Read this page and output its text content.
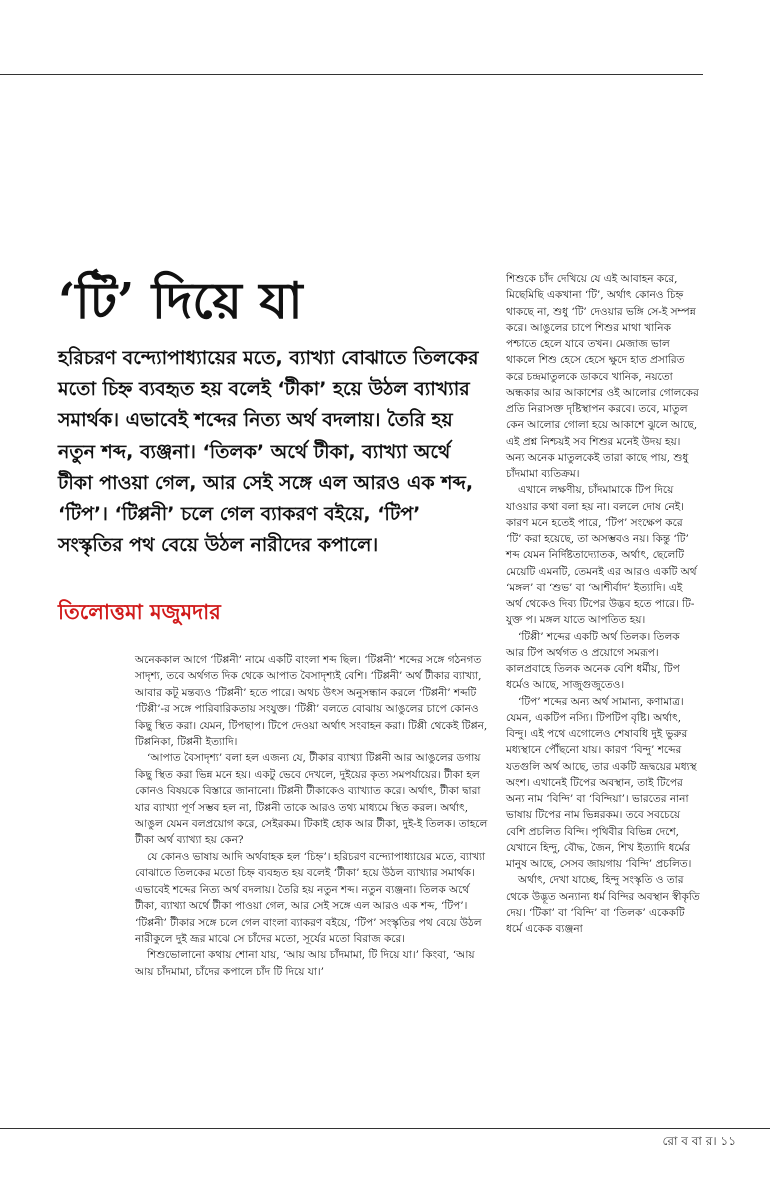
‘টি’ দিয়ে যা

হরিচরণ বন্দ্যোপাধ্যায়ের মতে, ব্যাখ্যা বোঝাতে তিলকের মতো চিহ্ন ব্যবহৃত হয় বলেই ‘টীকা’ হয়ে উঠল ব্যাখ্যার সমার্থক। এভাবেই শব্দের নিত্য অর্থ বদলায়। তৈরি হয় নতুন শব্দ, ব্যঞ্জনা। ‘তিলক’ অর্থে টীকা, ব্যাখ্যা অর্থে টীকা পাওয়া গেল, আর সেই সঙ্গে এল আরও এক শব্দ, ‘টিপ’। ‘টিপ্পনী’ চলে গেল ব্যাকরণ বইয়ে, ‘টিপ’ সংস্কৃতির পথ বেয়ে উঠল নারীদের কপালে।

তিলোত্তমা মজুমদার

অনেককাল আগে ‘টিপ্পনী’ নামে একটি বাংলা শব্দ ছিল। ‘টিপ্পনী’ শব্দের সঙ্গে গঠনগত সাদৃশ্য, তবে অর্থগত দিক থেকে আপাত বৈসাদৃশ্যই বেশি। ‘টিপ্পনী’ অর্থ টীকার ব্যাখ্যা, আবার কটূ মন্তব্যও ‘টিপ্পনী’ হতে পারে। অথচ উৎস অনুসন্ধান করলে ‘টিপ্পনী’ শব্দটি ‘টিপ্পী’-র সঙ্গে পারিবারিকতায় সংযুক্ত। ‘টিপ্পী’ বলতে বোঝায় আঙুলের চাপে কোনও কিছু স্থিত করা। যেমন, টিপছাপ। টিপে দেওয়া অর্থাৎ সংবাহন করা। টিপ্পী থেকেই টিপ্পন, টিপ্পনিকা, টিপ্পনী ইত্যাদি।

‘আপাত বৈসাদৃশ্য’ বলা হল এজন্য যে, টীকার ব্যাখ্যা টিপ্পনী আর আঙুলের ডগায় কিছু স্থিত করা ভিন্ন মনে হয়। একটু ভেবে দেখলে, দুইয়ের কৃত্য সমপর্যায়ের। টীকা হল কোনও বিষয়কে বিস্তারে জানানো। টিপ্পনী টীকাকেও ব্যাখ্যাত করে। অর্থাৎ, টীকা দ্বারা যার ব্যাখ্যা পূর্ণ সম্ভব হল না, টিপ্পনী তাকে আরও তথ্য মাধ্যমে স্থিত করল। অর্থাৎ, আঙুল যেমন বলপ্রয়োগ করে, সেইরকম। টিকাই হোক আর টীকা, দুই-ই তিলক। তাহলে টীকা অর্থ ব্যাখ্যা হয় কেন?

যে কোনও ভাষায় আদি অর্থবাহক হল ‘চিহ্ন’। হরিচরণ বন্দ্যোপাধ্যায়ের মতে, ব্যাখ্যা বোঝাতে তিলকের মতো চিহ্ন ব্যবহৃত হয় বলেই ‘টীকা’ হয়ে উঠল ব্যাখ্যার সমার্থক। এভাবেই শব্দের নিত্য অর্থ বদলায়। তৈরি হয় নতুন শব্দ। নতুন ব্যঞ্জনা। তিলক অর্থে টীকা, ব্যাখ্যা অর্থে টীকা পাওয়া গেল, আর সেই সঙ্গে এল আরও এক শব্দ, ‘টিপ’। ‘টিপ্পনী’ টীকার সঙ্গে চলে গেল বাংলা ব্যাকরণ বইয়ে, ‘টিপ’ সংস্কৃতির পথ বেয়ে উঠল নারীকুলে দুই ভ্রূর মাঝে সে চাঁদের মতো, সূর্যের মতো বিরাজ করে।

শিশুভোলানো কথায় শোনা যায়, ‘আয় আয় চাঁদমামা, টি দিয়ে যা।’ কিংবা, ‘আয় আয় চাঁদমামা, চাঁদের কপালে চাঁদ টি দিয়ে যা।’

শিশুকে চাঁদ দেখিয়ে যে এই আবাহন করে, মিছেমিছি একখানা ‘টি’, অর্থাৎ কোনও চিহ্ন থাকছে না, শুধু ‘টি’ দেওয়ার ভঙ্গি সে-ই সম্পন্ন করে। আঙুলের চাপে শিশুর মাথা খানিক পশ্চাতে হেলে যাবে তখন। মেজাজ ভাল থাকলে শিশু হেসে হেসে ক্ষুদে হাত প্রসারিত করে চন্দ্রমাতুলকে ডাকবে খানিক, নয়তো অন্ধকার আর আকাশের ওই আলোর গোলকের প্রতি নিরাসক্ত দৃষ্টিস্থাপন করবে। তবে, মাতুল কেন আলোর গোলা হয়ে আকাশে ঝুলে আছে, এই প্রশ্ন নিশ্চয়ই সব শিশুর মনেই উদয় হয়। অন্য অনেক মাতুলকেই তারা কাছে পায়, শুধু চাঁদমামা ব্যতিক্রম।

এখানে লক্ষণীয়, চাঁদমামাকে টিপ দিয়ে যাওয়ার কথা বলা হয় না। বললে দোষ নেই। কারণ মনে হতেই পারে, ‘টিপ’ সংক্ষেপ করে ‘টি’ করা হয়েছে, তা অসম্ভবও নয়। কিন্তু ‘টি’ শব্দ যেমন নির্দিষ্টতাদ্যোতক, অর্থাৎ, ছেলেটি মেয়েটি এমনটি, তেমনই এর আরও একটি অর্থ ‘মঙ্গল’ বা ‘শুভ’ বা ‘আশীর্বাদ’ ইত্যাদি। এই অর্থ থেকেও দিব্য টিপের উদ্ভব হতে পারে। টি-যুক্ত প। মঙ্গল যাতে আপতিত হয়।

‘টিপ্পী’ শব্দের একটি অর্থ তিলক। তিলক আর টিপ অর্থগত ও প্রয়োগে সমরূপ। কালপ্রবাহে তিলক অনেক বেশি ধর্মীয়, টিপ ধর্মেও আছে, সাজুগুজুতেও।

‘টিপ’ শব্দের অন্য অর্থ সামান্য, কণামাত্র। যেমন, একটিপ নস্যি। টিপটিপ বৃষ্টি। অর্থাৎ, বিন্দু। এই পথে এগোলেও শেষাবধি দুই ভুরুর মধ্যস্থানে পৌঁছনো যায়। কারণ ‘বিন্দু’ শব্দের যতগুলি অর্থ আছে, তার একটি ভ্রূদ্বয়ের মধ্যস্থ অংশ। এখানেই টিপের অবস্থান, তাই টিপের অন্য নাম ‘বিন্দি’ বা ‘বিন্দিয়া’। ভারতের নানা ভাষায় টিপের নাম ভিন্নরকম। তবে সবচেয়ে বেশি প্রচলিত বিন্দি। পৃথিবীর বিভিন্ন দেশে, যেখানে হিন্দু, বৌদ্ধ, জৈন, শিখ ইত্যাদি ধর্মের মানুষ আছে, সেসব জায়গায় ‘বিন্দি’ প্রচলিত।

অর্থাৎ, দেখা যাচ্ছে, হিন্দু সংস্কৃতি ও তার থেকে উদ্ভূত অন্যান্য ধর্ম বিন্দির অবস্থান স্বীকৃতি দেয়। ‘টিকা’ বা ‘বিন্দি’ বা ‘তিলক’ একেকটি ধর্মে একেক ব্যঞ্জনা

রো ব বা র। ১১
